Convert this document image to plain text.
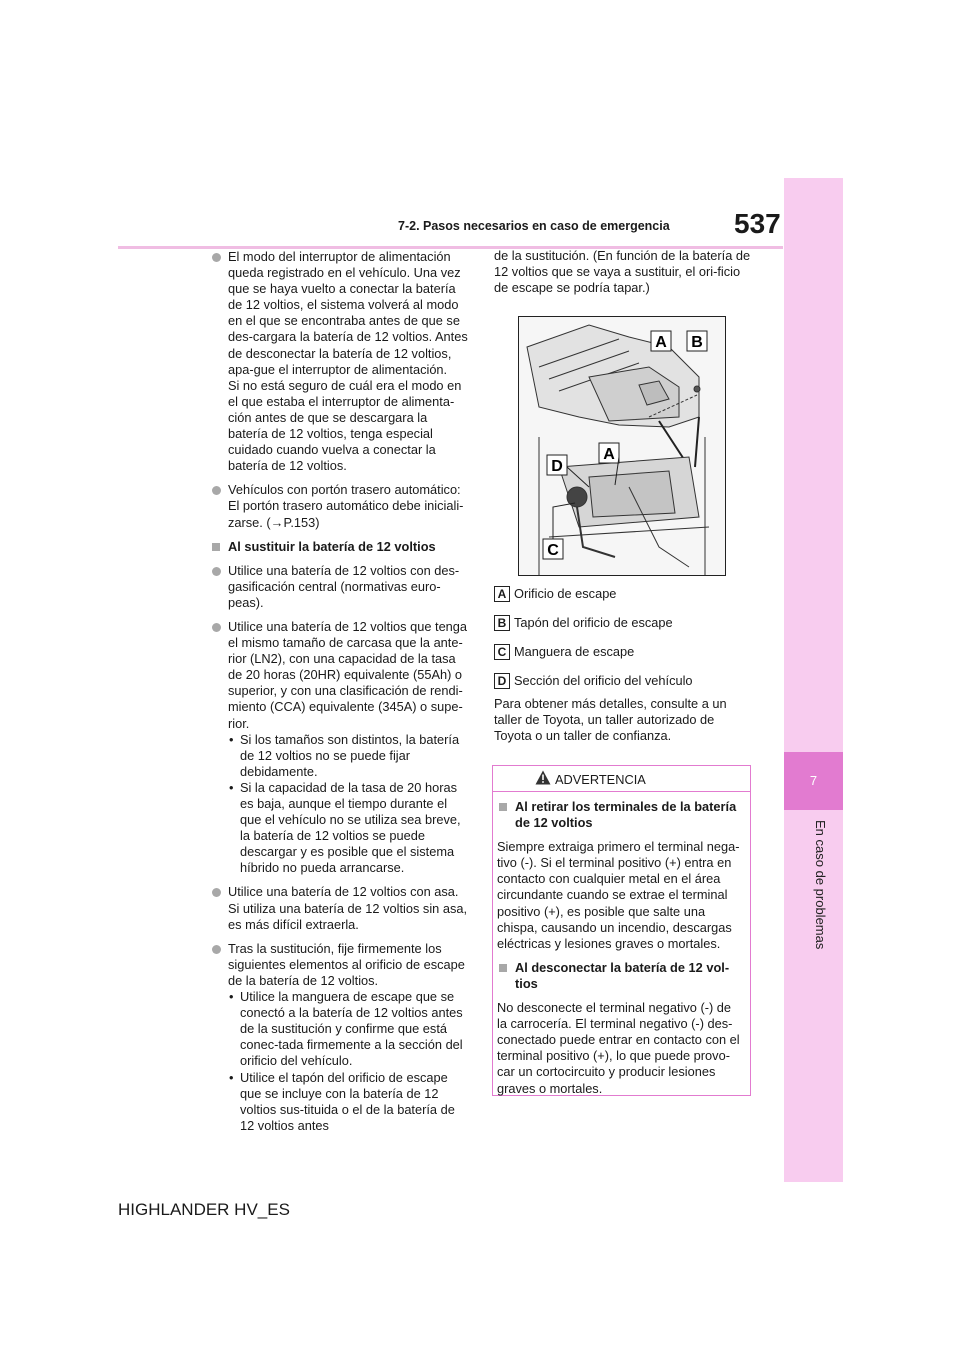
537
7-2. Pasos necesarios en caso de emergencia
7
En caso de problemas

El modo del interruptor de alimentación queda registrado en el vehículo. Una vez que se haya vuelto a conectar la batería de 12 voltios, el sistema volverá al modo en el que se encontraba antes de que se des-cargara la batería de 12 voltios. Antes de desconectar la batería de 12 voltios, apa-gue el interruptor de alimentación.

Si no está seguro de cuál era el modo en el que estaba el interruptor de alimenta-ción antes de que se descargara la batería de 12 voltios, tenga especial cuidado cuando vuelva a conectar la batería de 12 voltios.

Vehículos con portón trasero automático: El portón trasero automático debe iniciali-zarse. (→P.153)

Al sustituir la batería de 12 voltios

Utilice una batería de 12 voltios con des-gasificación central (normativas euro-peas).

Utilice una batería de 12 voltios que tenga el mismo tamaño de carcasa que la ante-rior (LN2), con una capacidad de la tasa de 20 horas (20HR) equivalente (55Ah) o superior, y con una clasificación de rendi-miento (CCA) equivalente (345A) o supe-rior.

• Si los tamaños son distintos, la batería de 12 voltios no se puede fijar debidamente.
• Si la capacidad de la tasa de 20 horas es baja, aunque el tiempo durante el que el vehículo no se utiliza sea breve, la batería de 12 voltios se puede descargar y es posible que el sistema híbrido no pueda arrancarse.

Utilice una batería de 12 voltios con asa. Si utiliza una batería de 12 voltios sin asa, es más difícil extraerla.

Tras la sustitución, fije firmemente los siguientes elementos al orificio de escape de la batería de 12 voltios.

• Utilice la manguera de escape que se conectó a la batería de 12 voltios antes de la sustitución y confirme que está conec-tada firmemente a la sección del orificio del vehículo.
• Utilice el tapón del orificio de escape que se incluye con la batería de 12 voltios sus-tituida o el de la batería de 12 voltios antes
de la sustitución. (En función de la batería de 12 voltios que se vaya a sustituir, el ori-ficio de escape se podría tapar.)
A B
A
D
C
A Orificio de escape
B Tapón del orificio de escape
C Manguera de escape
D Sección del orificio del vehículo
Para obtener más detalles, consulte a un taller de Toyota, un taller autorizado de Toyota o un taller de confianza.
ADVERTENCIA

Al retirar los terminales de la batería de 12 voltios

Siempre extraiga primero el terminal nega-tivo (-). Si el terminal positivo (+) entra en contacto con cualquier metal en el área circundante cuando se extrae el terminal positivo (+), es posible que salte una chispa, causando un incendio, descargas eléctricas y lesiones graves o mortales.

Al desconectar la batería de 12 vol-tios

No desconecte el terminal negativo (-) de la carrocería. El terminal negativo (-) des-conectado puede entrar en contacto con el terminal positivo (+), lo que puede provo-car un cortocircuito y producir lesiones graves o mortales.

HIGHLANDER HV_ES
